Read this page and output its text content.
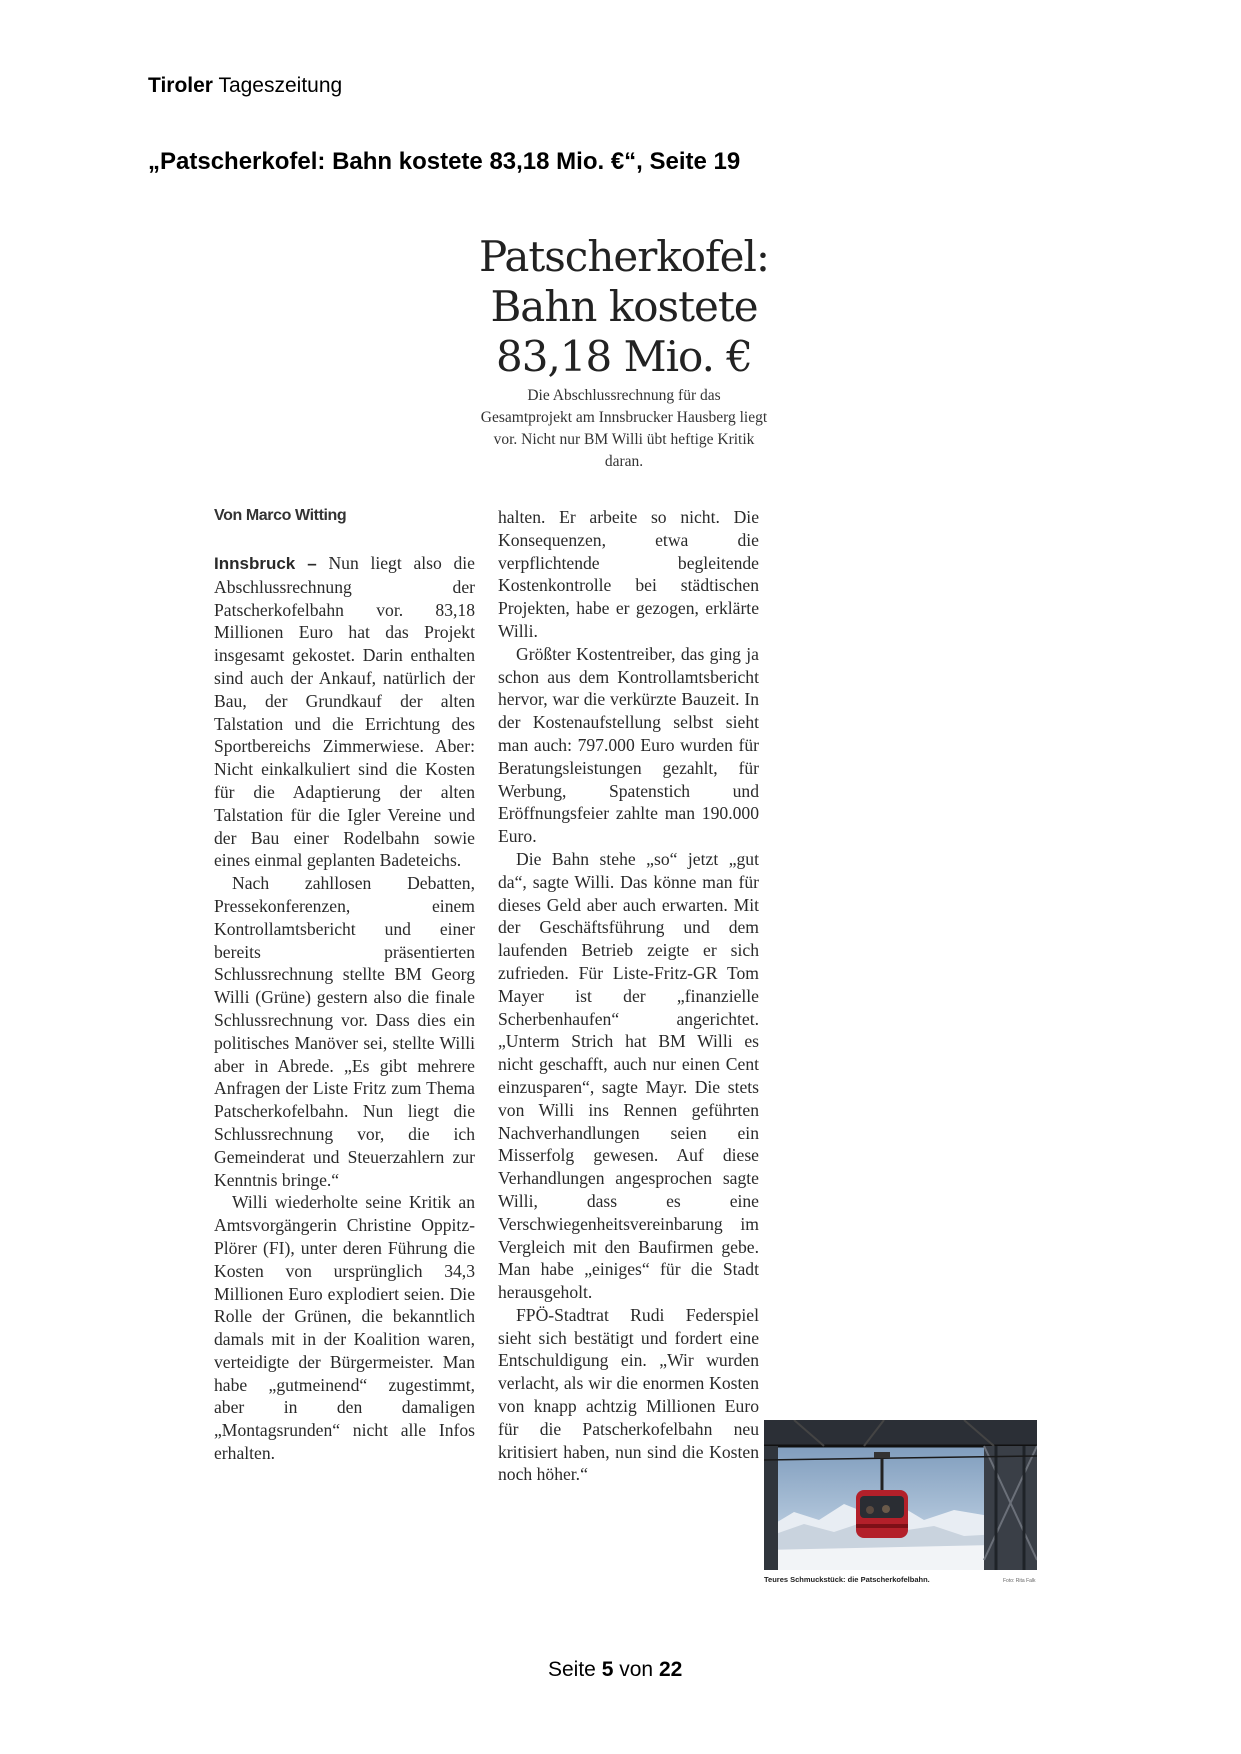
Tiroler Tageszeitung
„Patscherkofel: Bahn kostete 83,18 Mio. €“, Seite 19
Patscherkofel:
Bahn kostete
83,18 Mio. €
Die Abschlussrechnung für das Gesamtprojekt am Innsbrucker Hausberg liegt vor. Nicht nur BM Willi übt heftige Kritik daran.
Von Marco Witting

Innsbruck – Nun liegt also die Abschlussrechnung der Patscherkofelbahn vor. 83,18 Millionen Euro hat das Projekt insgesamt gekostet. Darin enthalten sind auch der Ankauf, natürlich der Bau, der Grundkauf der alten Talstation und die Errichtung des Sportbereichs Zimmerwiese. Aber: Nicht einkalkuliert sind die Kosten für die Adaptierung der alten Talstation für die Igler Vereine und der Bau einer Rodelbahn sowie eines einmal geplanten Badeteichs.

Nach zahllosen Debatten, Pressekonferenzen, einem Kontrollamtsbericht und einer bereits präsentierten Schlussrechnung stellte BM Georg Willi (Grüne) gestern also die finale Schlussrechnung vor. Dass dies ein politisches Manöver sei, stellte Willi aber in Abrede. „Es gibt mehrere Anfragen der Liste Fritz zum Thema Patscherkofelbahn. Nun liegt die Schlussrechnung vor, die ich Gemeinderat und Steuerzahlern zur Kenntnis bringe.“

Willi wiederholte seine Kritik an Amtsvorgängerin Christine Oppitz-Plörer (FI), unter deren Führung die Kosten von ursprünglich 34,3 Millionen Euro explodiert seien. Die Rolle der Grünen, die bekanntlich damals mit in der Koalition waren, verteidigte der Bürgermeister. Man habe „gutmeinend“ zugestimmt, aber in den damaligen „Montagsrunden“ nicht alle Infos erhalten.

halten. Er arbeite so nicht. Die Konsequenzen, etwa die verpflichtende begleitende Kostenkontrolle bei städtischen Projekten, habe er gezogen, erklärte Willi.

Größter Kostentreiber, das ging ja schon aus dem Kontrollamtsbericht hervor, war die verkürzte Bauzeit. In der Kostenaufstellung selbst sieht man auch: 797.000 Euro wurden für Beratungsleistungen gezahlt, für Werbung, Spatenstich und Eröffnungsfeier zahlte man 190.000 Euro.

Die Bahn stehe „so“ jetzt „gut da“, sagte Willi. Das könne man für dieses Geld aber auch erwarten. Mit der Geschäftsführung und dem laufenden Betrieb zeigte er sich zufrieden. Für Liste-Fritz-GR Tom Mayer ist der „finanzielle Scherbenhaufen“ angerichtet. „Unterm Strich hat BM Willi es nicht geschafft, auch nur einen Cent einzusparen“, sagte Mayr. Die stets von Willi ins Rennen geführten Nachverhandlungen seien ein Misserfolg gewesen. Auf diese Verhandlungen angesprochen sagte Willi, dass es eine Verschwiegenheitsvereinbarung im Vergleich mit den Baufirmen gebe. Man habe „einiges“ für die Stadt herausgeholt.

FPÖ-Stadtrat Rudi Federspiel sieht sich bestätigt und fordert eine Entschuldigung ein. „Wir wurden verlacht, als wir die enormen Kosten von knapp achtzig Millionen Euro für die Patscherkofelbahn neu kritisiert haben, nun sind die Kosten noch höher.“

Teures Schmuckstück: die Patscherkofelbahn.	Foto: Rita Falk
Seite 5 von 22
